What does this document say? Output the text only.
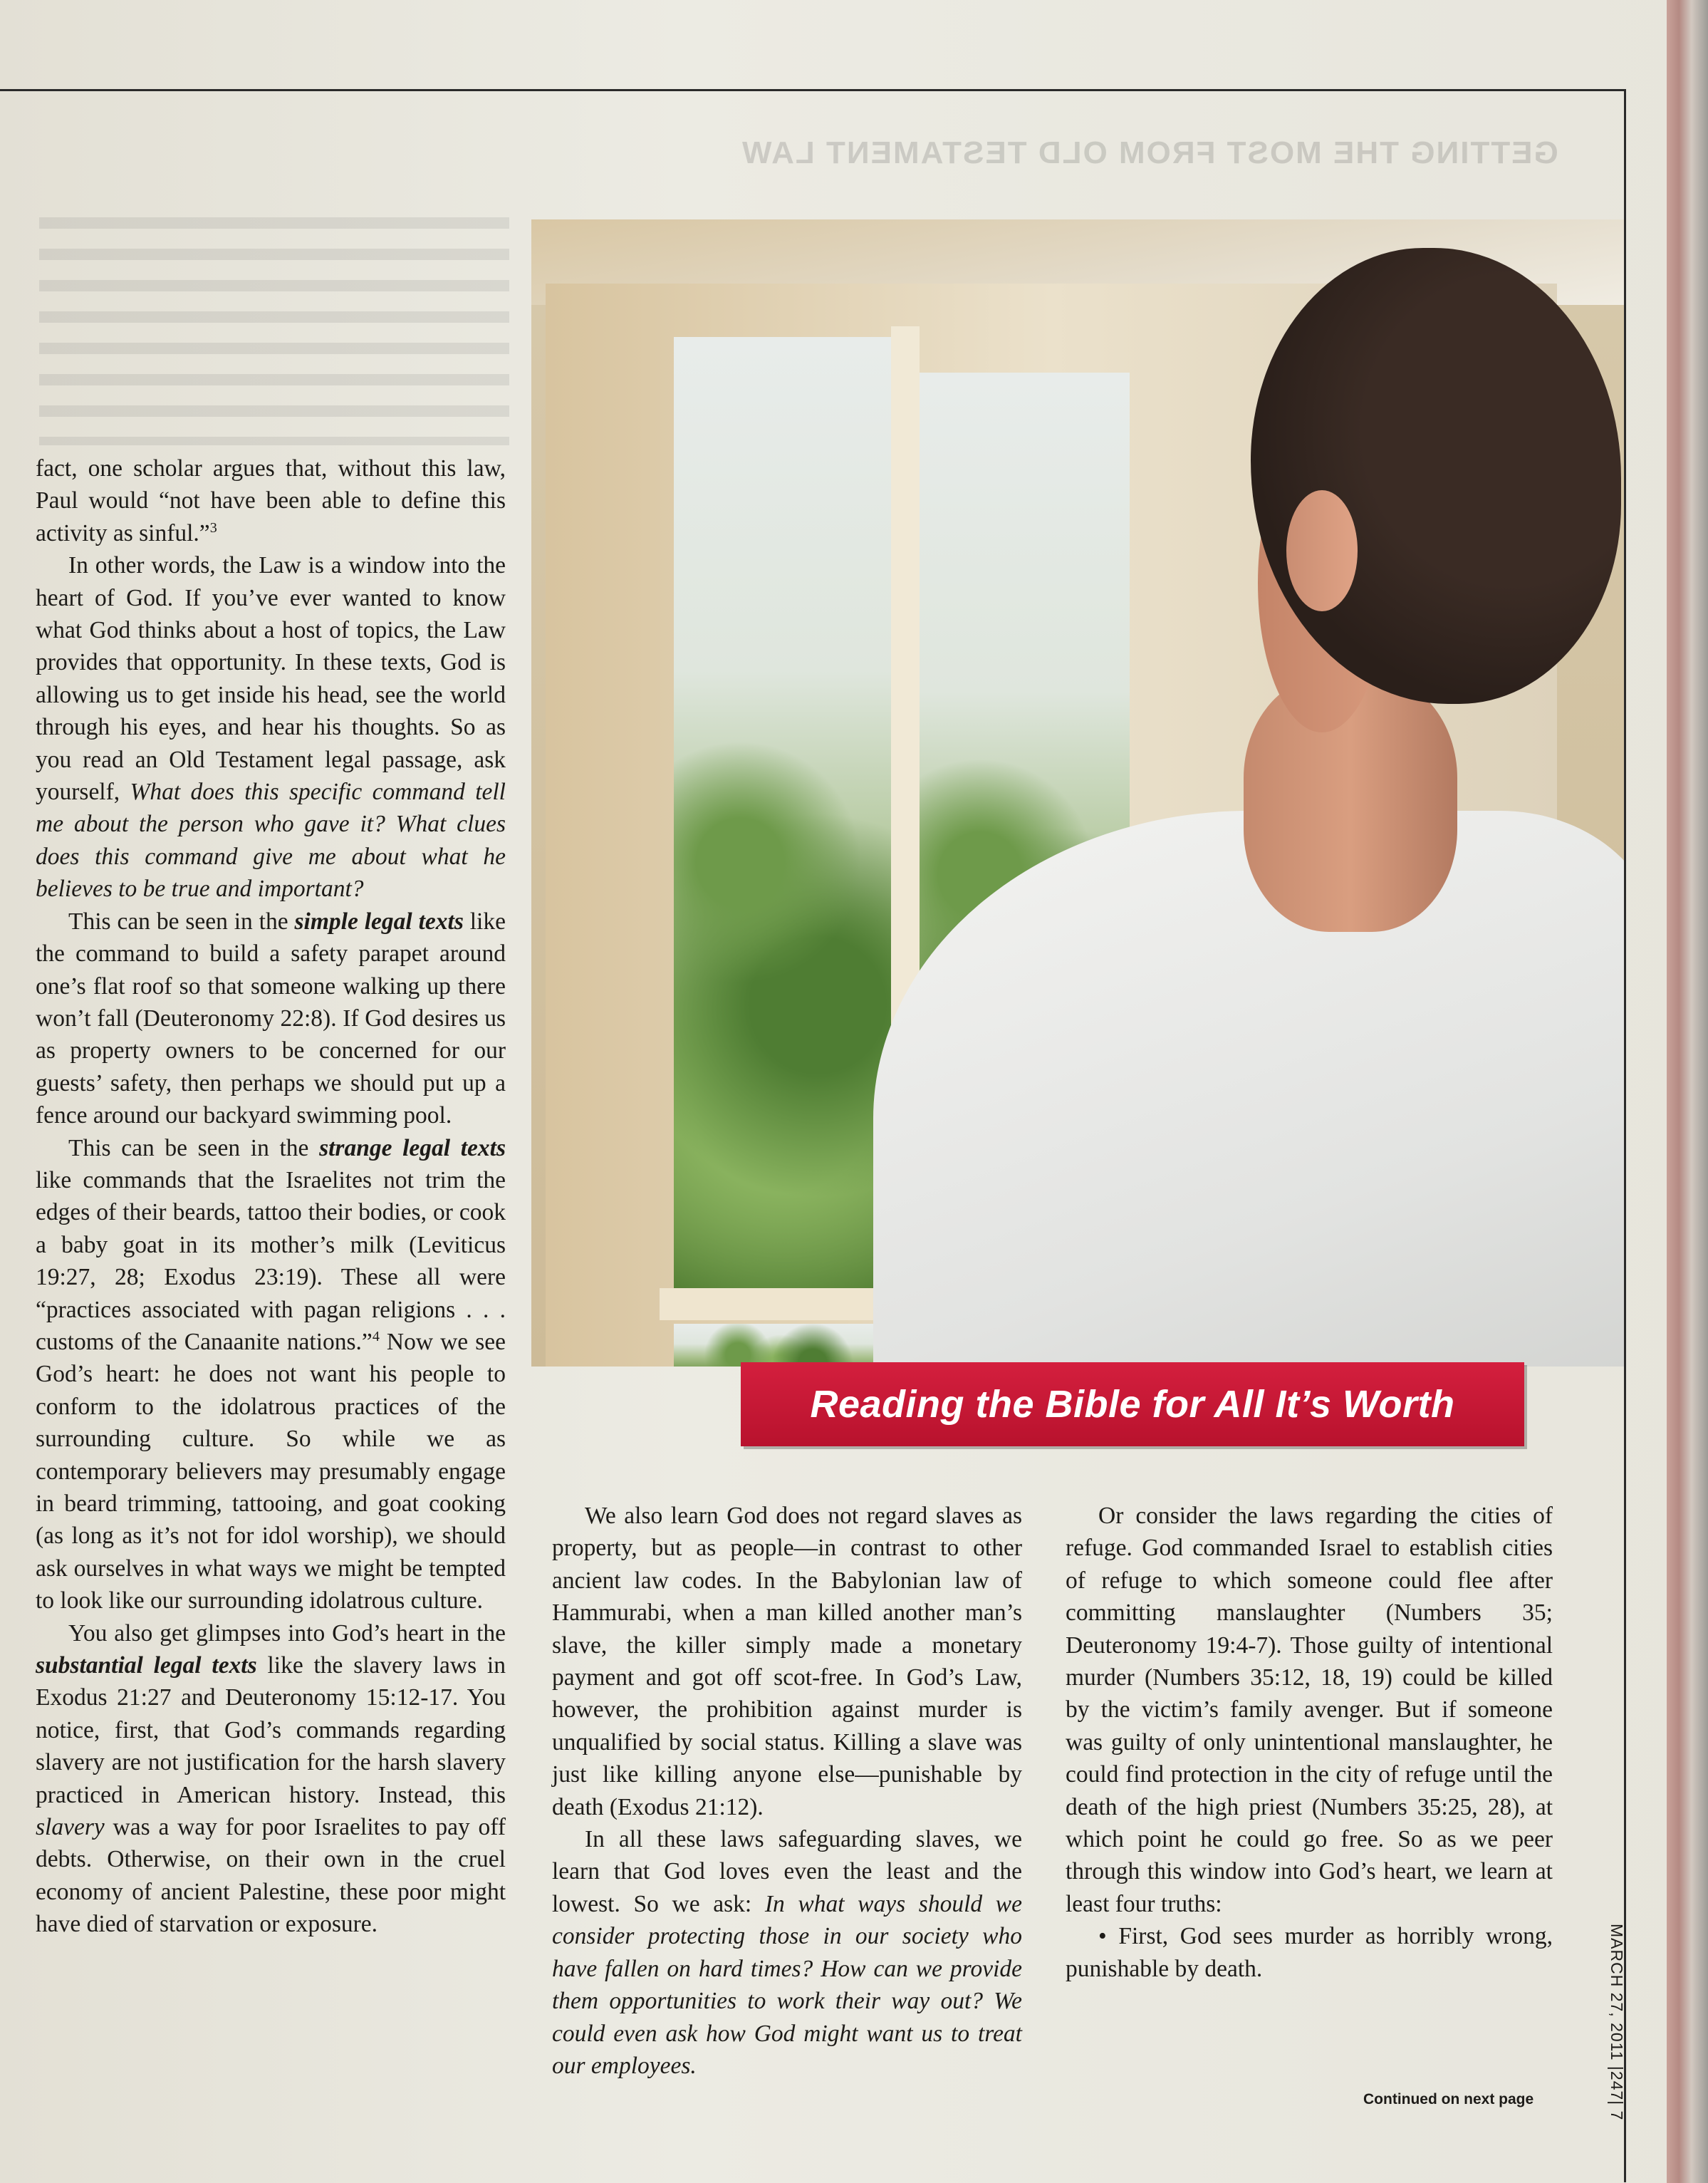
GETTING THE MOST FROM OLD TESTAMENT LAW
Reading the Bible for All It’s Worth

fact, one scholar argues that, without this law, Paul would “not have been able to define this activity as sinful.”$^3$

In other words, the Law is a window into the heart of God. If you’ve ever wanted to know what God thinks about a host of topics, the Law provides that opportunity. In these texts, God is allowing us to get inside his head, see the world through his eyes, and hear his thoughts. So as you read an Old Testament legal passage, ask yourself, What does this specific command tell me about the person who gave it? What clues does this command give me about what he believes to be true and important?

This can be seen in the simple legal texts like the command to build a safety parapet around one’s flat roof so that someone walking up there won’t fall (Deuteronomy 22:8). If God desires us as property owners to be concerned for our guests’ safety, then perhaps we should put up a fence around our backyard swimming pool.

This can be seen in the strange legal texts like commands that the Israelites not trim the edges of their beards, tattoo their bodies, or cook a baby goat in its mother’s milk (Leviticus 19:27, 28; Exodus 23:19). These all were “practices associated with pagan religions . . . customs of the Canaanite nations.”$^4$ Now we see God’s heart: he does not want his people to conform to the idolatrous practices of the surrounding culture. So while we as contemporary believers may presumably engage in beard trimming, tattooing, and goat cooking (as long as it’s not for idol worship), we should ask ourselves in what ways we might be tempted to look like our surrounding idolatrous culture.

You also get glimpses into God’s heart in the substantial legal texts like the slavery laws in Exodus 21:27 and Deuteronomy 15:12-17. You notice, first, that God’s commands regarding slavery are not justification for the harsh slavery practiced in American history. Instead, this slavery was a way for poor Israelites to pay off debts. Otherwise, on their own in the cruel economy of ancient Palestine, these poor might have died of starvation or exposure.

We also learn God does not regard slaves as property, but as people—in contrast to other ancient law codes. In the Babylonian law of Hammurabi, when a man killed another man’s slave, the killer simply made a monetary payment and got off scot-free. In God’s Law, however, the prohibition against murder is unqualified by social status. Killing a slave was just like killing anyone else—punishable by death (Exodus 21:12).

In all these laws safeguarding slaves, we learn that God loves even the least and the lowest. So we ask: In what ways should we consider protecting those in our society who have fallen on hard times? How can we provide them opportunities to work their way out? We could even ask how God might want us to treat our employees.

Or consider the laws regarding the cities of refuge. God commanded Israel to establish cities of refuge to which someone could flee after committing manslaughter (Numbers 35; Deuteronomy 19:4-7). Those guilty of intentional murder (Numbers 35:12, 18, 19) could be killed by the victim’s family avenger. But if someone was guilty of only unintentional manslaughter, he could find protection in the city of refuge until the death of the high priest (Numbers 35:25, 28), at which point he could go free. So as we peer through this window into God’s heart, we learn at least four truths:

• First, God sees murder as horribly wrong, punishable by death.

Continued on next page	MARCH 27, 2011 |247| 7
